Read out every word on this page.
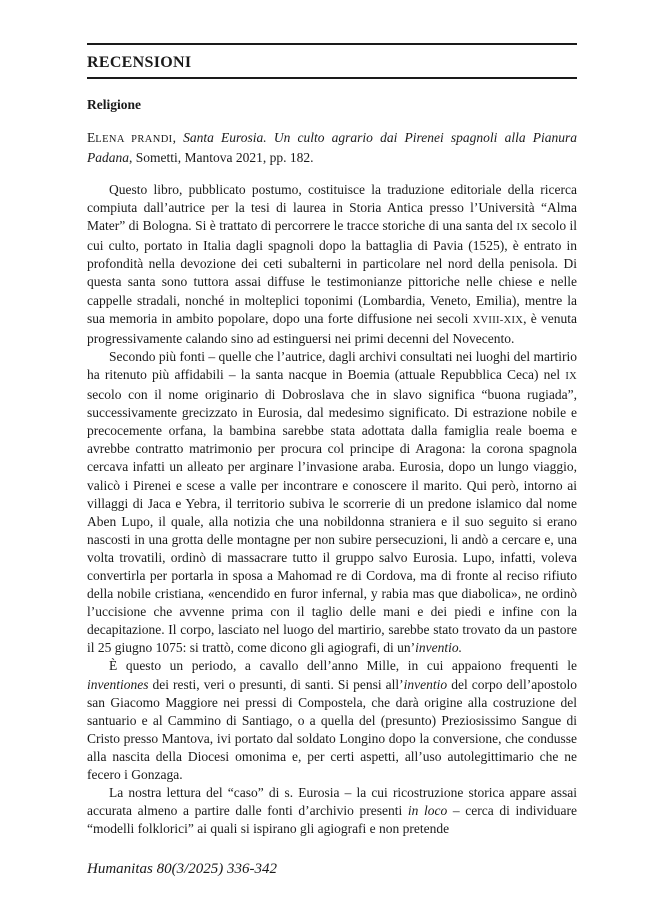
RECENSIONI
Religione

ELENA PRANDI, Santa Eurosia. Un culto agrario dai Pirenei spagnoli alla Pianura Padana, Sometti, Mantova 2021, pp. 182.

Questo libro, pubblicato postumo, costituisce la traduzione editoriale della ricerca compiuta dall’autrice per la tesi di laurea in Storia Antica presso l’Università “Alma Mater” di Bologna. Si è trattato di percorrere le tracce storiche di una santa del IX secolo il cui culto, portato in Italia dagli spagnoli dopo la battaglia di Pavia (1525), è entrato in profondità nella devozione dei ceti subalterni in particolare nel nord della penisola. Di questa santa sono tuttora assai diffuse le testimonianze pittoriche nelle chiese e nelle cappelle stradali, nonché in molteplici toponimi (Lombardia, Veneto, Emilia), mentre la sua memoria in ambito popolare, dopo una forte diffusione nei secoli XVIII-XIX, è venuta progressivamente calando sino ad estinguersi nei primi decenni del Novecento.

Secondo più fonti – quelle che l’autrice, dagli archivi consultati nei luoghi del martirio ha ritenuto più affidabili – la santa nacque in Boemia (attuale Repubblica Ceca) nel IX secolo con il nome originario di Dobroslava che in slavo significa “buona rugiada”, successivamente grecizzato in Eurosia, dal medesimo significato. Di estrazione nobile e precocemente orfana, la bambina sarebbe stata adottata dalla famiglia reale boema e avrebbe contratto matrimonio per procura col principe di Aragona: la corona spagnola cercava infatti un alleato per arginare l’invasione araba. Eurosia, dopo un lungo viaggio, valicò i Pirenei e scese a valle per incontrare e conoscere il marito. Qui però, intorno ai villaggi di Jaca e Yebra, il territorio subiva le scorrerie di un predone islamico dal nome Aben Lupo, il quale, alla notizia che una nobildonna straniera e il suo seguito si erano nascosti in una grotta delle montagne per non subire persecuzioni, li andò a cercare e, una volta trovatili, ordinò di massacrare tutto il gruppo salvo Eurosia. Lupo, infatti, voleva convertirla per portarla in sposa a Mahomad re di Cordova, ma di fronte al reciso rifiuto della nobile cristiana, «encendido en furor infernal, y rabia mas que diabolica», ne ordinò l’uccisione che avvenne prima con il taglio delle mani e dei piedi e infine con la decapitazione. Il corpo, lasciato nel luogo del martirio, sarebbe stato trovato da un pastore il 25 giugno 1075: si trattò, come dicono gli agiografi, di un’inventio.

È questo un periodo, a cavallo dell’anno Mille, in cui appaiono frequenti le inventiones dei resti, veri o presunti, di santi. Si pensi all’inventio del corpo dell’apostolo san Giacomo Maggiore nei pressi di Compostela, che darà origine alla costruzione del santuario e al Cammino di Santiago, o a quella del (presunto) Preziosissimo Sangue di Cristo presso Mantova, ivi portato dal soldato Longino dopo la conversione, che condusse alla nascita della Diocesi omonima e, per certi aspetti, all’uso autolegittimario che ne fecero i Gonzaga.

La nostra lettura del “caso” di s. Eurosia – la cui ricostruzione storica appare assai accurata almeno a partire dalle fonti d’archivio presenti in loco – cerca di individuare “modelli folklorici” ai quali si ispirano gli agiografi e non pretende

Humanitas 80(3/2025) 336-342
